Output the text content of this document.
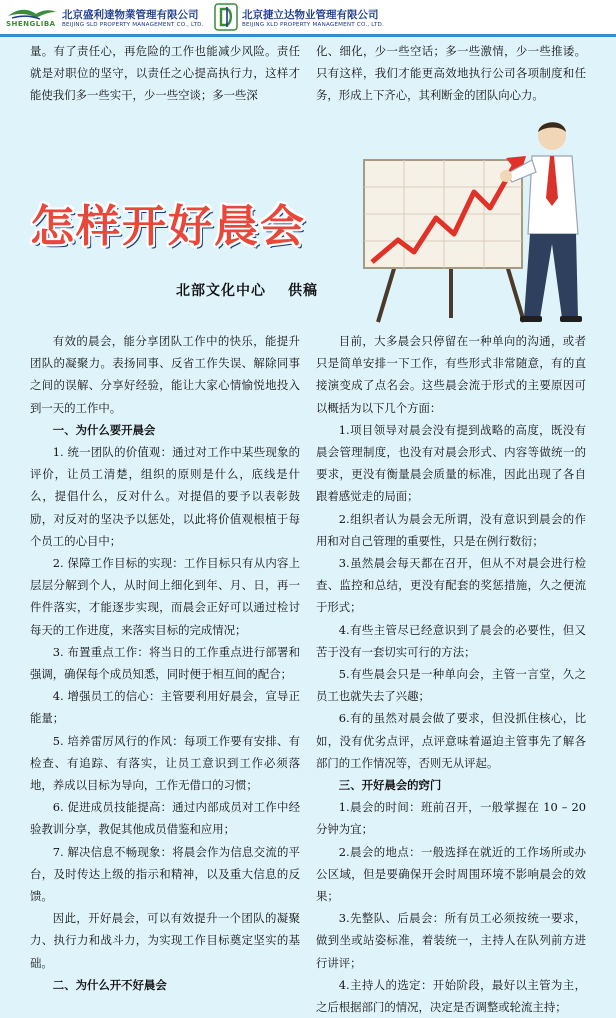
SHENGLIBA
北京盛利達物業管理有限公司
BEIJING SLD PROPERTY MANAGEMENT CO., LTD.
北京捷立达物业管理有限公司
BEIJING XLD PROPERTY MANAGEMENT CO., LTD.

量。有了责任心，再危险的工作也能减少风险。责任就是对职位的坚守，以责任之心提高执行力，这样才能使我们多一些实干，少一些空谈；多一些深

化、细化，少一些空话；多一些激情，少一些推诿。只有这样，我们才能更高效地执行公司各项制度和任务，形成上下齐心，其利断金的团队向心力。

怎样开好晨会
北部文化中心 供稿

有效的晨会，能分享团队工作中的快乐，能提升团队的凝聚力。表扬同事、反省工作失误、解除同事之间的误解、分享好经验，能让大家心情愉悦地投入到一天的工作中。

一、为什么要开晨会

1. 统一团队的价值观：通过对工作中某些现象的评价，让员工清楚，组织的原则是什么，底线是什么，提倡什么，反对什么。对提倡的要予以表彰鼓励，对反对的坚决予以惩处，以此将价值观根植于每个员工的心目中；

2. 保障工作目标的实现：工作目标只有从内容上层层分解到个人，从时间上细化到年、月、日，再一件件落实，才能逐步实现，而晨会正好可以通过检讨每天的工作进度，来落实目标的完成情况；

3. 布置重点工作：将当日的工作重点进行部署和强调，确保每个成员知悉，同时便于相互间的配合；

4. 增强员工的信心：主管要利用好晨会，宣导正能量；

5. 培养雷厉风行的作风：每项工作要有安排、有检查、有追踪、有落实，让员工意识到工作必须落地，养成以目标为导向，工作无借口的习惯；

6. 促进成员技能提高：通过内部成员对工作中经验教训分享，教促其他成员借鉴和应用；

7. 解决信息不畅现象：将晨会作为信息交流的平台，及时传达上级的指示和精神，以及重大信息的反馈。

因此，开好晨会，可以有效提升一个团队的凝聚力、执行力和战斗力，为实现工作目标奠定坚实的基础。

二、为什么开不好晨会

目前，大多晨会只停留在一种单向的沟通，或者只是简单安排一下工作，有些形式非常随意，有的直接演变成了点名会。这些晨会流于形式的主要原因可以概括为以下几个方面：

1.项目领导对晨会没有提到战略的高度，既没有晨会管理制度，也没有对晨会形式、内容等做统一的要求，更没有衡量晨会质量的标准，因此出现了各自跟着感觉走的局面；

2.组织者认为晨会无所谓，没有意识到晨会的作用和对自己管理的重要性，只是在例行数衍；

3.虽然晨会每天都在召开，但从不对晨会进行检查、监控和总结，更没有配套的奖惩措施，久之便流于形式；

4.有些主管尽已经意识到了晨会的必要性，但又苦于没有一套切实可行的方法；

5.有些晨会只是一种单向会，主管一言堂，久之员工也就失去了兴趣；

6.有的虽然对晨会做了要求，但没抓住核心，比如，没有优劣点评，点评意味着逼迫主管事先了解各部门的工作情况等，否则无从评起。

三、开好晨会的窍门

1.晨会的时间：班前召开，一般掌握在 10 – 20 分钟为宜；

2.晨会的地点：一般选择在就近的工作场所或办公区域，但是要确保开会时周围环境不影响晨会的效果；

3.先整队、后晨会：所有员工必须按统一要求，做到坐或站姿标准，着装统一，主持人在队列前方进行讲评；

4.主持人的选定：开始阶段，最好以主管为主，之后根据部门的情况，决定是否调整或轮流主持；
